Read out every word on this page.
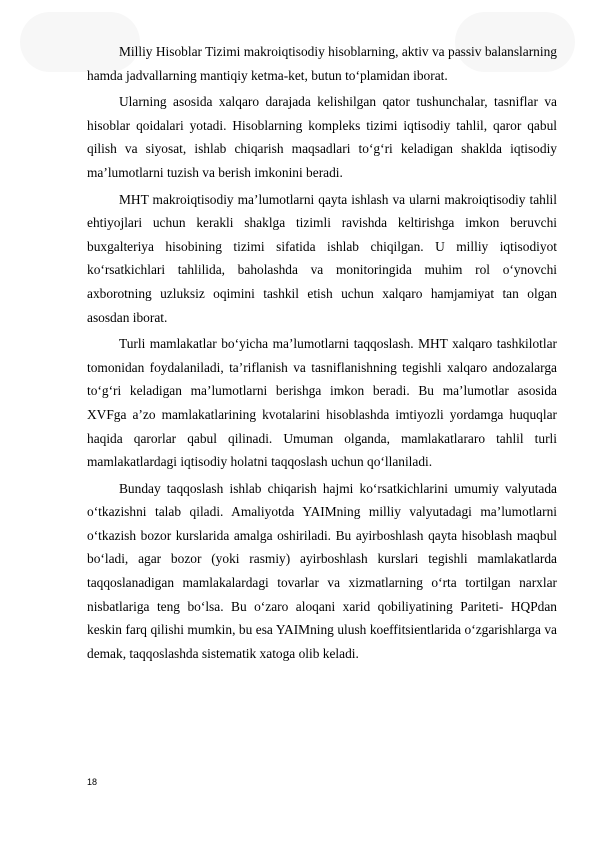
Milliy Hisoblar Tizimi makroiqtisodiy hisoblarning, aktiv va passiv balanslarning hamda jadvallarning mantiqiy ketma-ket, butun to‘plamidan iborat.

Ularning asosida xalqaro darajada kelishilgan qator tushunchalar, tasniflar va hisoblar qoidalari yotadi. Hisoblarning kompleks tizimi iqtisodiy tahlil, qaror qabul qilish va siyosat, ishlab chiqarish maqsadlari to‘g‘ri keladigan shaklda iqtisodiy ma’lumotlarni tuzish va berish imkonini beradi.

MHT makroiqtisodiy ma’lumotlarni qayta ishlash va ularni makroiqtisodiy tahlil ehtiyojlari uchun kerakli shaklga tizimli ravishda keltirishga imkon beruvchi buxgalteriya hisobining tizimi sifatida ishlab chiqilgan. U milliy iqtisodiyot ko‘rsatkichlari tahlilida, baholashda va monitoringida muhim rol o‘ynovchi axborotning uzluksiz oqimini tashkil etish uchun xalqaro hamjamiyat tan olgan asosdan iborat.

Turli mamlakatlar bo‘yicha ma’lumotlarni taqqoslash. MHT xalqaro tashkilotlar tomonidan foydalaniladi, ta’riflanish va tasniflanishning tegishli xalqaro andozalarga to‘g‘ri keladigan ma’lumotlarni berishga imkon beradi. Bu ma’lumotlar asosida XVFga a’zo mamlakatlarining kvotalarini hisoblashda imtiyozli yordamga huquqlar haqida qarorlar qabul qilinadi. Umuman olganda, mamlakatlararo tahlil turli mamlakatlardagi iqtisodiy holatni taqqoslash uchun qo‘llaniladi.

Bunday taqqoslash ishlab chiqarish hajmi ko‘rsatkichlarini umumiy valyutada o‘tkazishni talab qiladi. Amaliyotda YAIMning milliy valyutadagi ma’lumotlarni o‘tkazish bozor kurslarida amalga oshiriladi. Bu ayirboshlash qayta hisoblash maqbul bo‘ladi, agar bozor (yoki rasmiy) ayirboshlash kurslari tegishli mamlakatlarda taqqoslanadigan mamlakalardagi tovarlar va xizmatlarning o‘rta tortilgan narxlar nisbatlariga teng bo‘lsa. Bu o‘zaro aloqani xarid qobiliyatining Pariteti- HQPdan keskin farq qilishi mumkin, bu esa YAIMning ulush koeffitsientlarida o‘zgarishlarga va demak, taqqoslashda sistematik xatoga olib keladi.

18
